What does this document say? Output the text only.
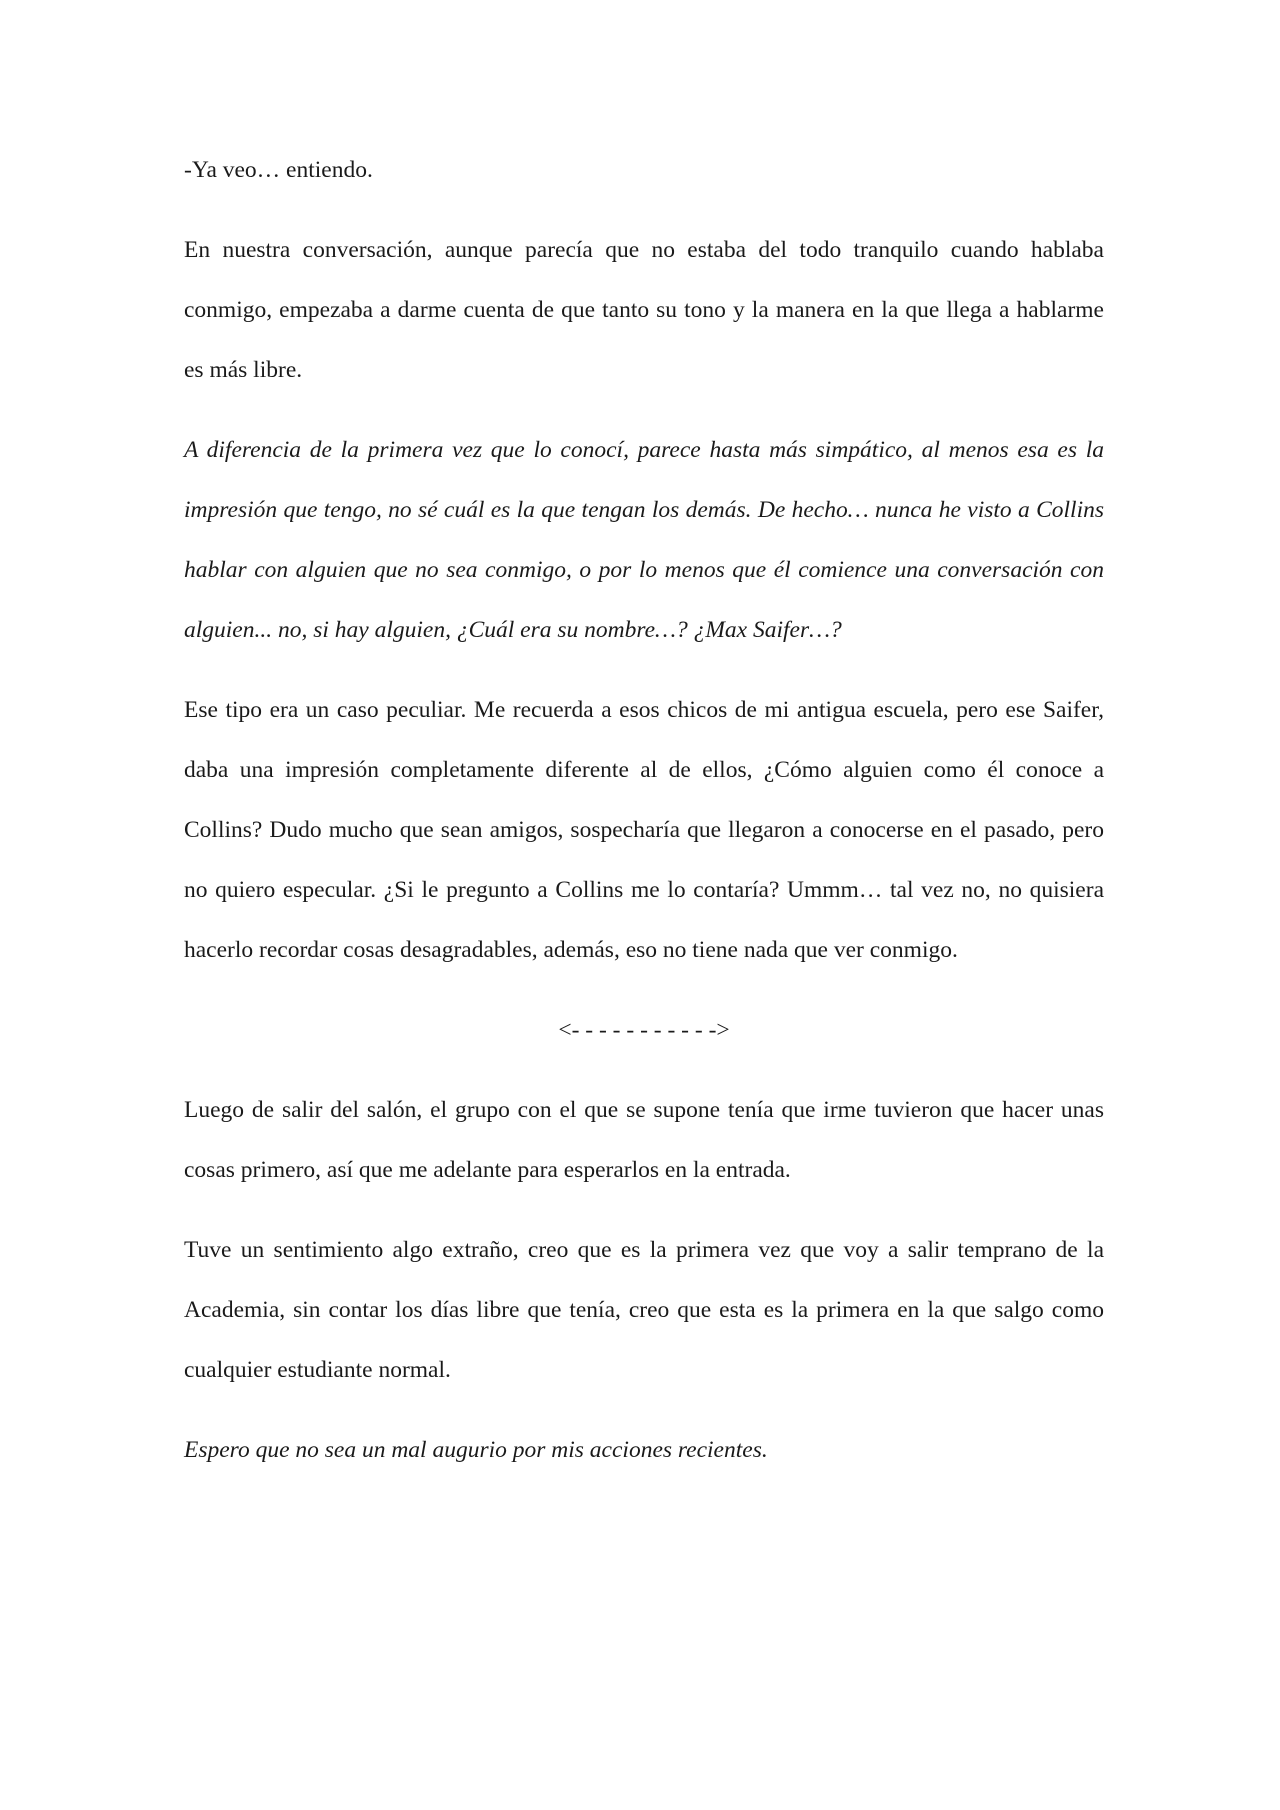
-Ya veo… entiendo.

En nuestra conversación, aunque parecía que no estaba del todo tranquilo cuando hablaba conmigo, empezaba a darme cuenta de que tanto su tono y la manera en la que llega a hablarme es más libre.

A diferencia de la primera vez que lo conocí, parece hasta más simpático, al menos esa es la impresión que tengo, no sé cuál es la que tengan los demás. De hecho… nunca he visto a Collins hablar con alguien que no sea conmigo, o por lo menos que él comience una conversación con alguien... no, si hay alguien, ¿Cuál era su nombre…? ¿Max Saifer…?

Ese tipo era un caso peculiar. Me recuerda a esos chicos de mi antigua escuela, pero ese Saifer, daba una impresión completamente diferente al de ellos, ¿Cómo alguien como él conoce a Collins? Dudo mucho que sean amigos, sospecharía que llegaron a conocerse en el pasado, pero no quiero especular. ¿Si le pregunto a Collins me lo contaría? Ummm… tal vez no, no quisiera hacerlo recordar cosas desagradables, además, eso no tiene nada que ver conmigo.

<- - - - - - - - - - ->

Luego de salir del salón, el grupo con el que se supone tenía que irme tuvieron que hacer unas cosas primero, así que me adelante para esperarlos en la entrada.

Tuve un sentimiento algo extraño, creo que es la primera vez que voy a salir temprano de la Academia, sin contar los días libre que tenía, creo que esta es la primera en la que salgo como cualquier estudiante normal.

Espero que no sea un mal augurio por mis acciones recientes.
